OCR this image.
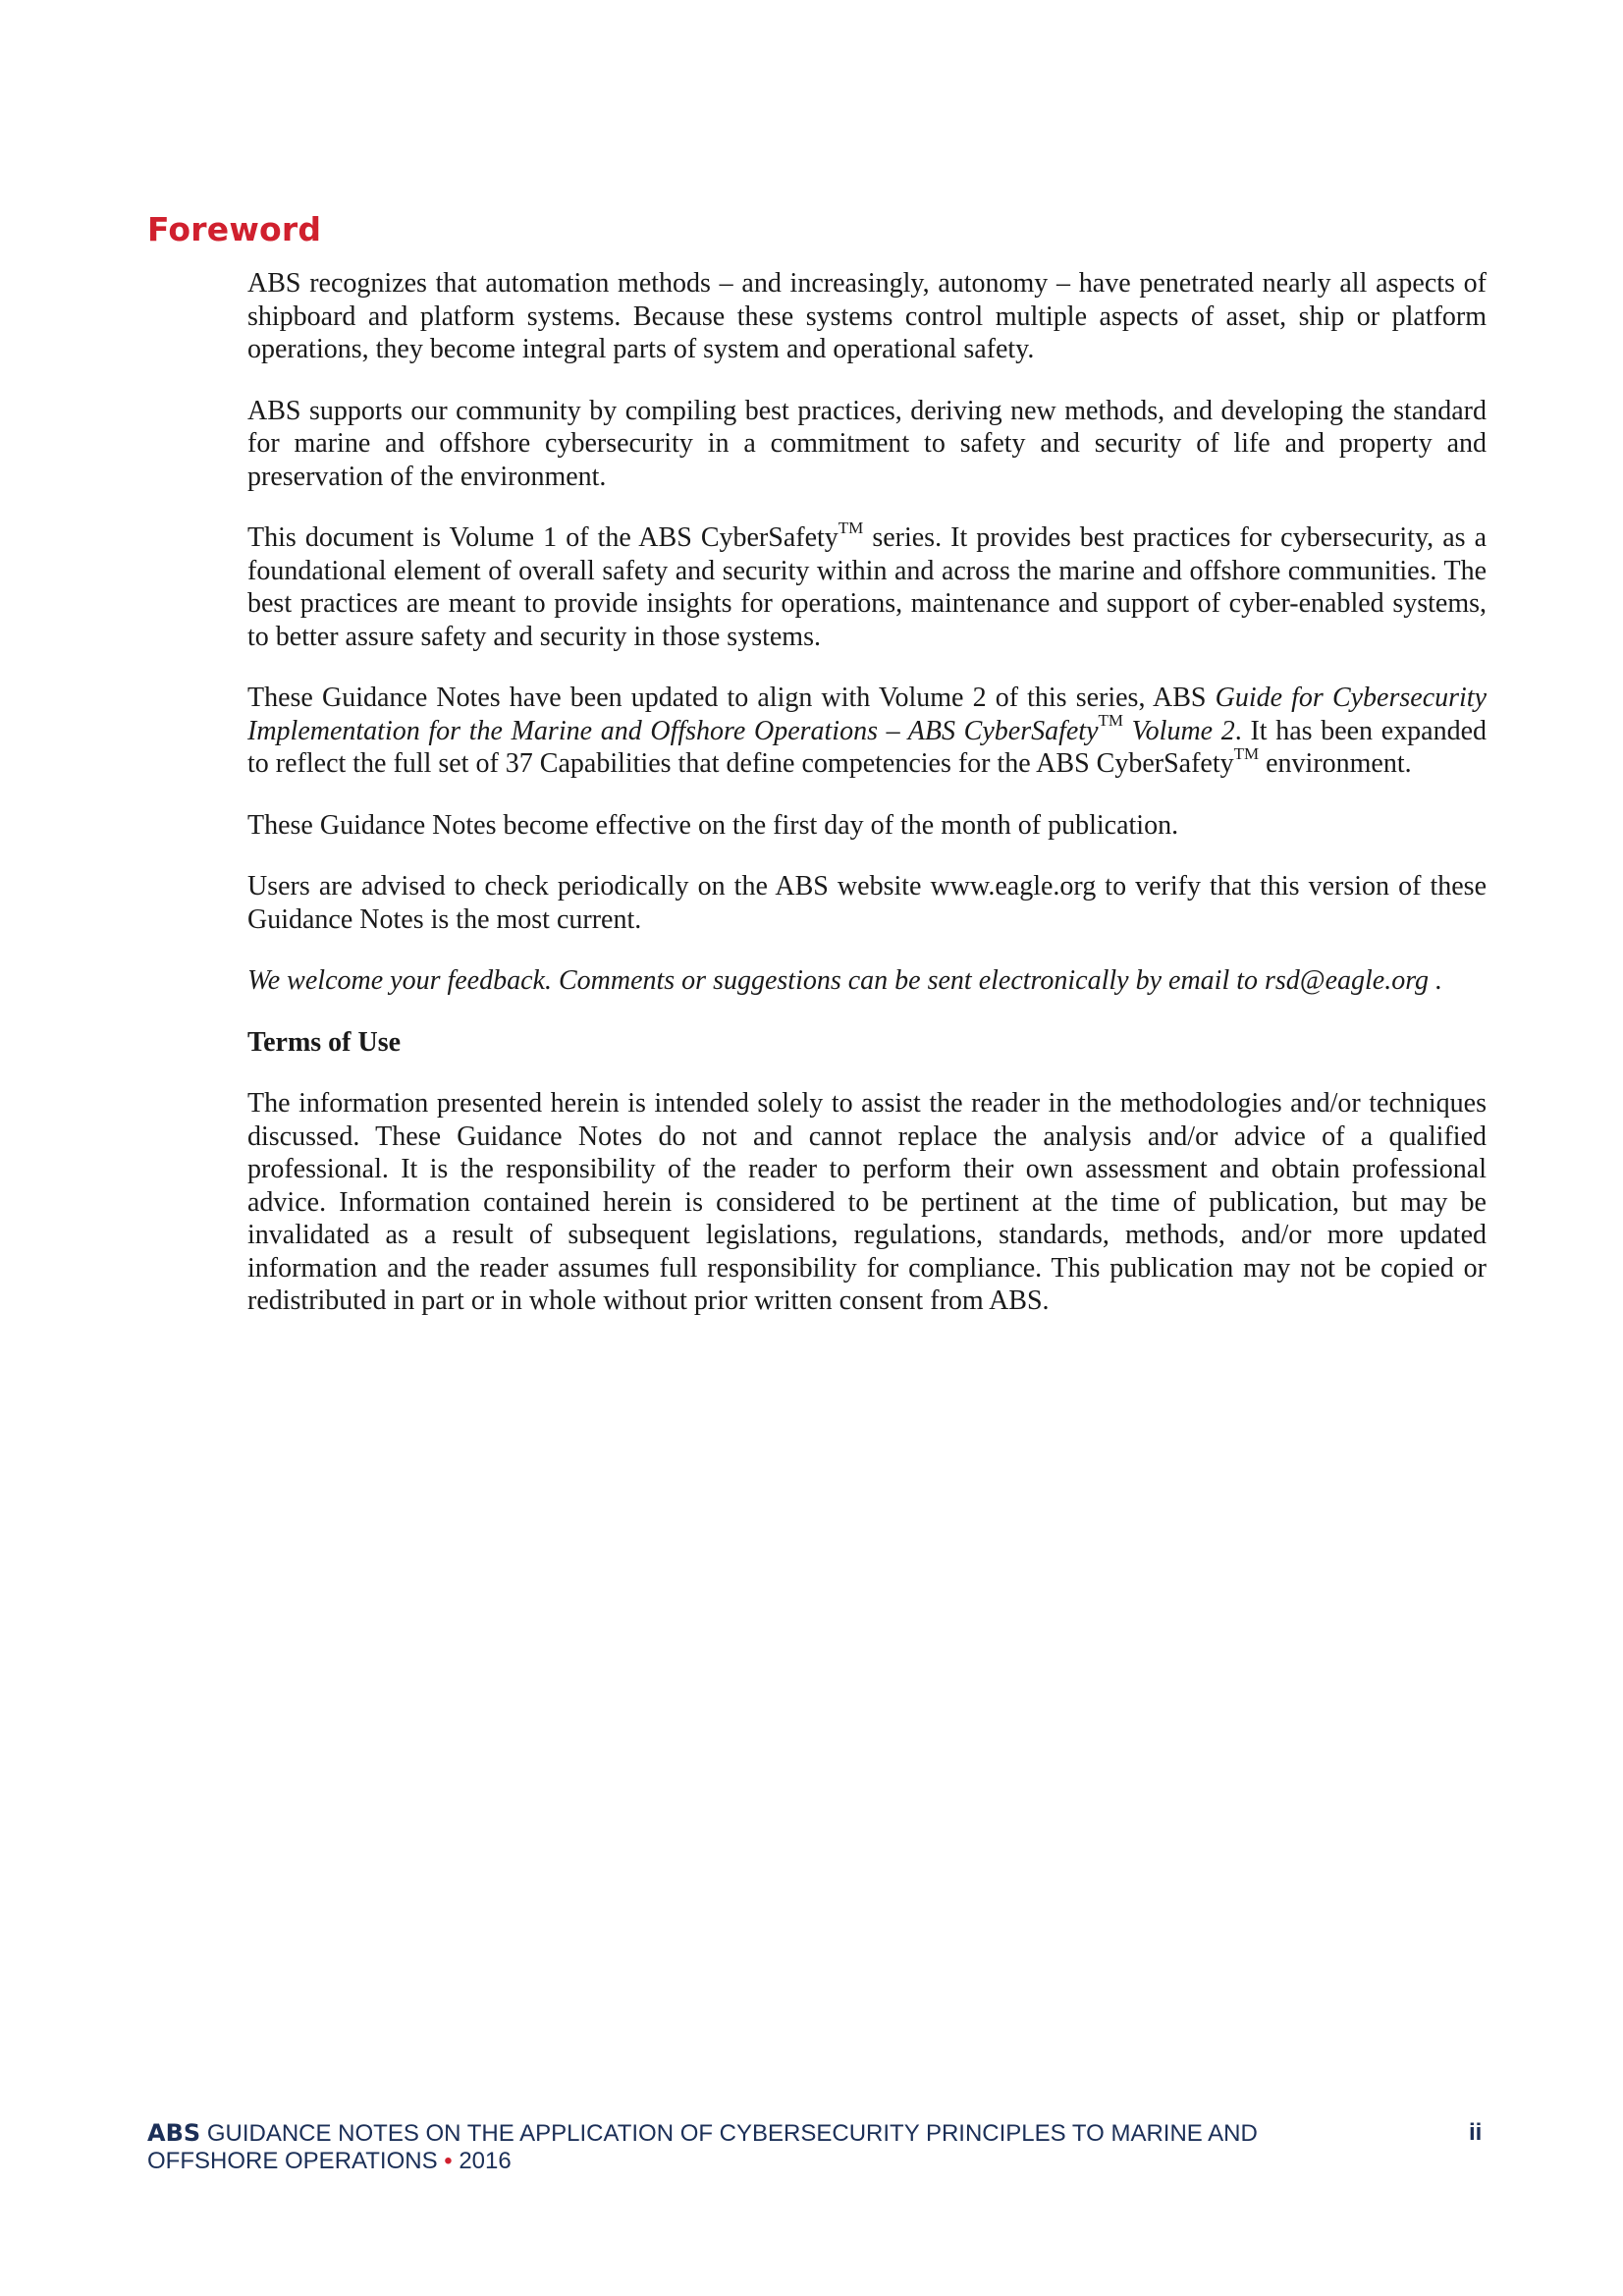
Foreword

ABS recognizes that automation methods – and increasingly, autonomy – have penetrated nearly all aspects of shipboard and platform systems. Because these systems control multiple aspects of asset, ship or platform operations, they become integral parts of system and operational safety.

ABS supports our community by compiling best practices, deriving new methods, and developing the standard for marine and offshore cybersecurity in a commitment to safety and security of life and property and preservation of the environment.

This document is Volume 1 of the ABS CyberSafety™ series. It provides best practices for cybersecurity, as a foundational element of overall safety and security within and across the marine and offshore communities. The best practices are meant to provide insights for operations, maintenance and support of cyber-enabled systems, to better assure safety and security in those systems.

These Guidance Notes have been updated to align with Volume 2 of this series, ABS Guide for Cybersecurity Implementation for the Marine and Offshore Operations – ABS CyberSafety™ Volume 2. It has been expanded to reflect the full set of 37 Capabilities that define competencies for the ABS CyberSafety™ environment.

These Guidance Notes become effective on the first day of the month of publication.

Users are advised to check periodically on the ABS website www.eagle.org to verify that this version of these Guidance Notes is the most current.

We welcome your feedback. Comments or suggestions can be sent electronically by email to rsd@eagle.org .

Terms of Use

The information presented herein is intended solely to assist the reader in the methodologies and/or techniques discussed. These Guidance Notes do not and cannot replace the analysis and/or advice of a qualified professional. It is the responsibility of the reader to perform their own assessment and obtain professional advice. Information contained herein is considered to be pertinent at the time of publication, but may be invalidated as a result of subsequent legislations, regulations, standards, methods, and/or more updated information and the reader assumes full responsibility for compliance. This publication may not be copied or redistributed in part or in whole without prior written consent from ABS.

ABS GUIDANCE NOTES ON THE APPLICATION OF CYBERSECURITY PRINCIPLES TO MARINE AND
OFFSHORE OPERATIONS • 2016
ii
